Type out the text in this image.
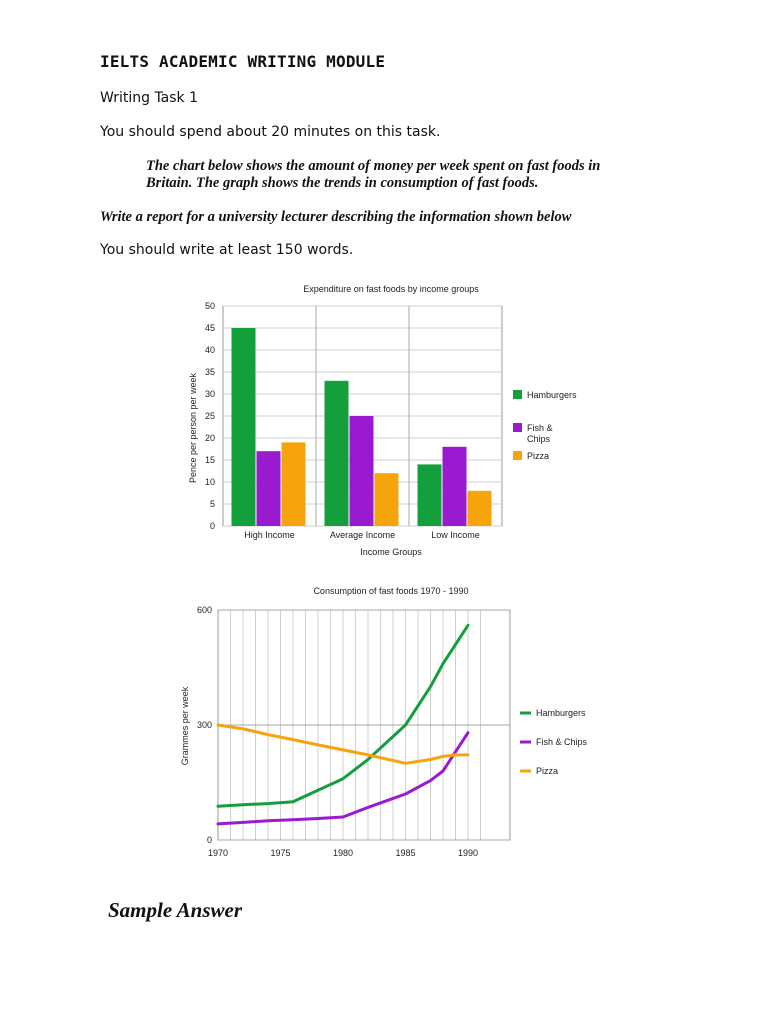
IELTS ACADEMIC WRITING MODULE
Writing Task 1
You should spend about 20 minutes on this task.
The chart below shows the amount of money per week spent on fast foods in
Britain. The graph shows the trends in consumption of fast foods.
Write a report for a university lecturer describing the information shown below
You should write at least 150 words.
Expenditure on fast foods by income groups
0
5
10
15
20
25
30
35
40
45
50
High Income	Average Income	Low Income
Income Groups
Pence per person per week	Hamburgers
Fish &
Chips
Pizza
Consumption of fast foods 1970 - 1990
0
300
600
1970	1975	1980	1985	1990
Grammes per week	Hamburgers
Fish & Chips
Pizza
Sample Answer
